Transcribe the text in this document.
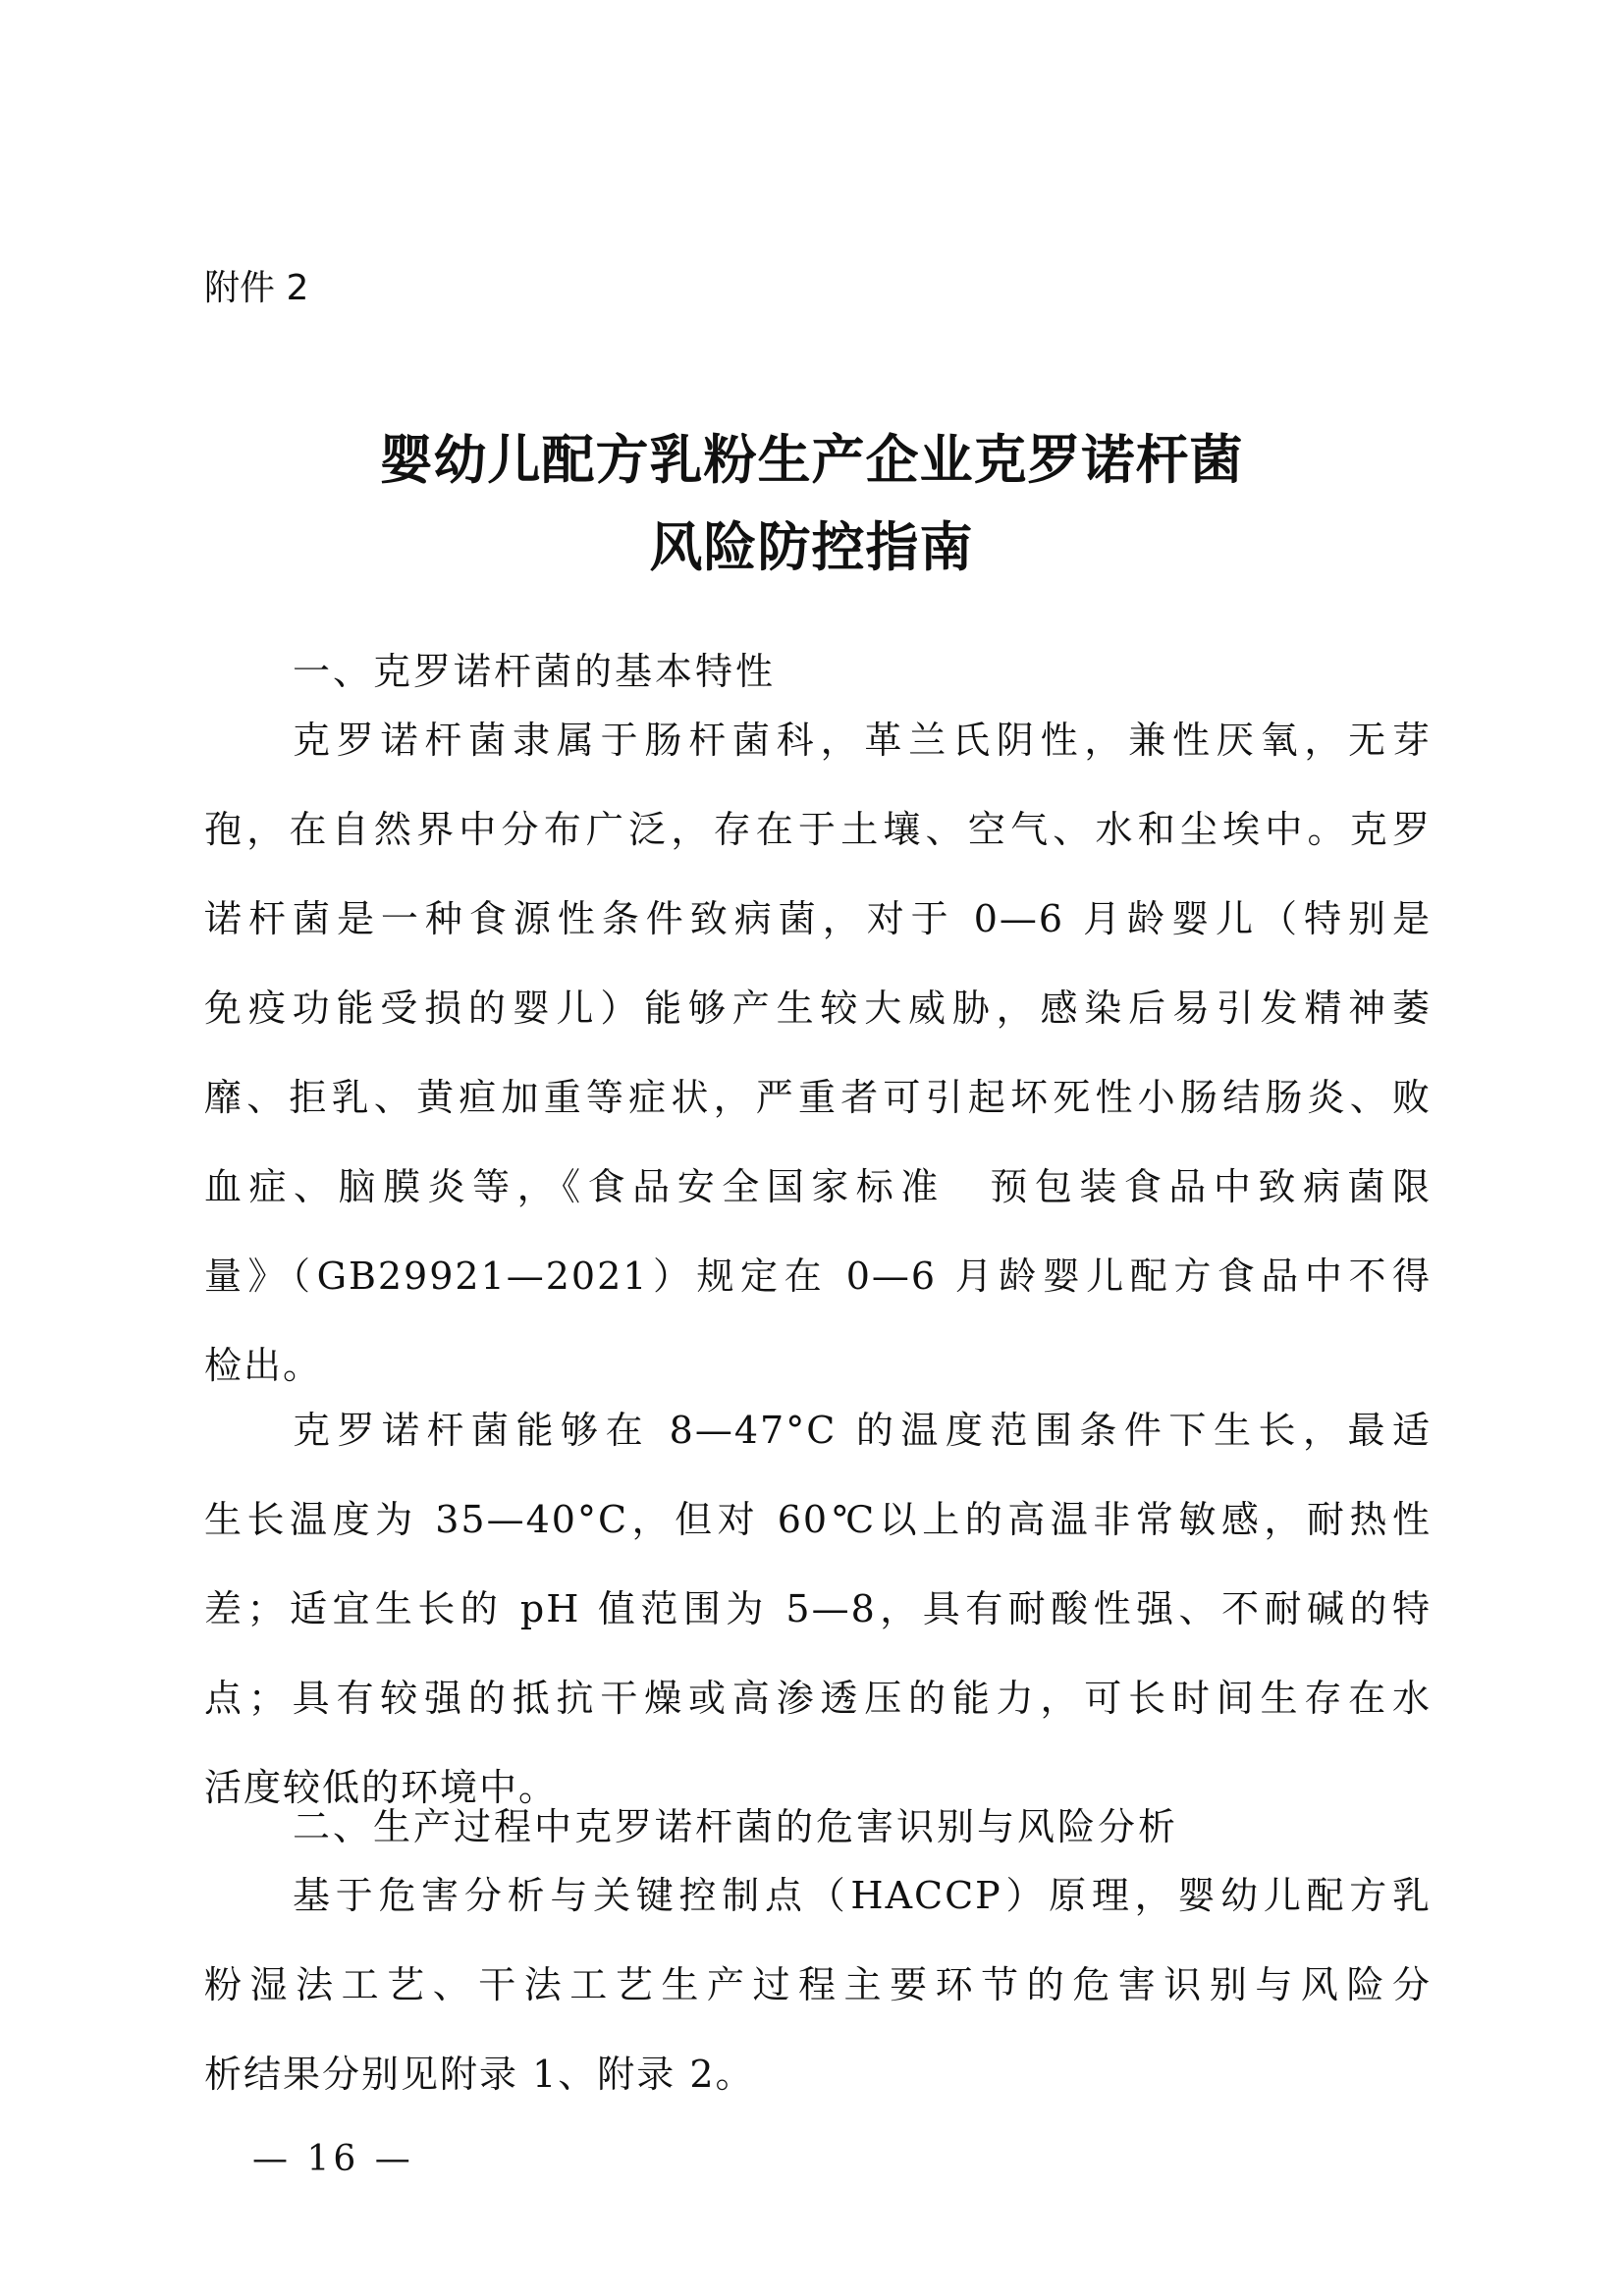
附件 2
婴幼儿配方乳粉生产企业克罗诺杆菌
风险防控指南
一、克罗诺杆菌的基本特性
克罗诺杆菌隶属于肠杆菌科，革兰氏阴性，兼性厌氧，无芽
孢，在自然界中分布广泛，存在于土壤、空气、水和尘埃中。克罗
诺杆菌是一种食源性条件致病菌，对于 0—6 月龄婴儿（特别是
免疫功能受损的婴儿）能够产生较大威胁，感染后易引发精神萎
靡、拒乳、黄疸加重等症状，严重者可引起坏死性小肠结肠炎、败
血症、脑膜炎等，《食品安全国家标准　预包装食品中致病菌限
量》（GB29921—2021）规定在 0—6 月龄婴儿配方食品中不得
检出。
克罗诺杆菌能够在 8—47°C 的温度范围条件下生长，最适
生长温度为 35—40°C，但对 60℃以上的高温非常敏感，耐热性
差；适宜生长的 pH 值范围为 5—8，具有耐酸性强、不耐碱的特
点；具有较强的抵抗干燥或高渗透压的能力，可长时间生存在水
活度较低的环境中。
二、生产过程中克罗诺杆菌的危害识别与风险分析
基于危害分析与关键控制点（HACCP）原理，婴幼儿配方乳
粉湿法工艺、干法工艺生产过程主要环节的危害识别与风险分
析结果分别见附录 1、附录 2。
— 16 —
